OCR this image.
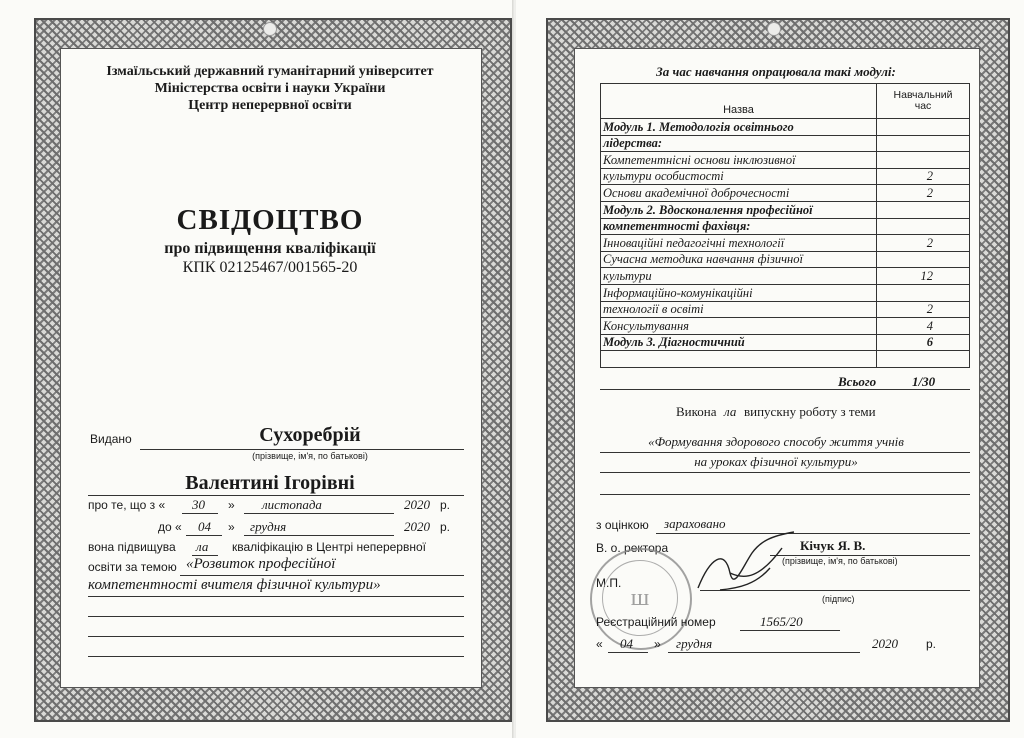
Ізмаїльський державний гуманітарний університет
Міністерства освіти і науки України
Центр неперервної освіти
СВІДОЦТВО
про підвищення кваліфікації
КПК 02125467/001565-20
Видано	Сухоребрій
(прізвище, ім'я, по батькові)
Валентині Ігорівні
про те, що з « 30 » листопада	2020 р.
до « 04 » грудня	2020 р.
вона підвищува ла кваліфікацію в Центрі неперервної
освіти за темою «Розвиток професійної
компетентності вчителя фізичної культури»
За час навчання опрацювала такі модулі:
Назва	Навчальний
час
Модуль 1. Методологія освітнього	
лідерства:	
Компетентнісні основи інклюзивної	
культури особистості	2
Основи академічної доброчесності	2
Модуль 2. Вдосконалення професійної	
компетентності фахівця:	
Інноваційні педагогічні технології	2
Сучасна методика навчання фізичної	
культури	12
Інформаційно-комунікаційні	
технології в освіті	2
Консультування	4
Модуль 3. Діагностичний	6

Всього	1/30
Викона ла випускну роботу з теми
«Формування здорового способу життя учнів
на уроках фізичної культури»
з оцінкою зараховано
В. о. ректора	Кічук Я. В.
(прізвище, ім'я, по батькові)
М.П.
(підпис)
ш
Реєстраційний номер	1565/20
« 04 » грудня	2020 р.
